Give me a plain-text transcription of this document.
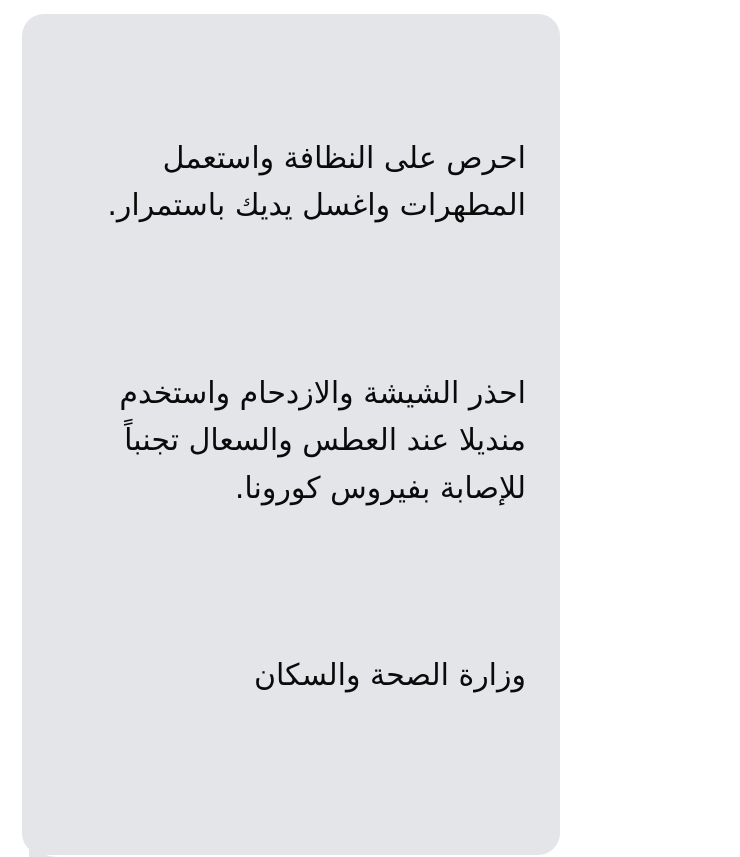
احرص على النظافة واستعمل المطهرات واغسل يديك باستمرار.

احذر الشيشة والازدحام واستخدم منديلا عند العطس والسعال تجنباً للإصابة بفيروس كورونا.

وزارة الصحة والسكان
